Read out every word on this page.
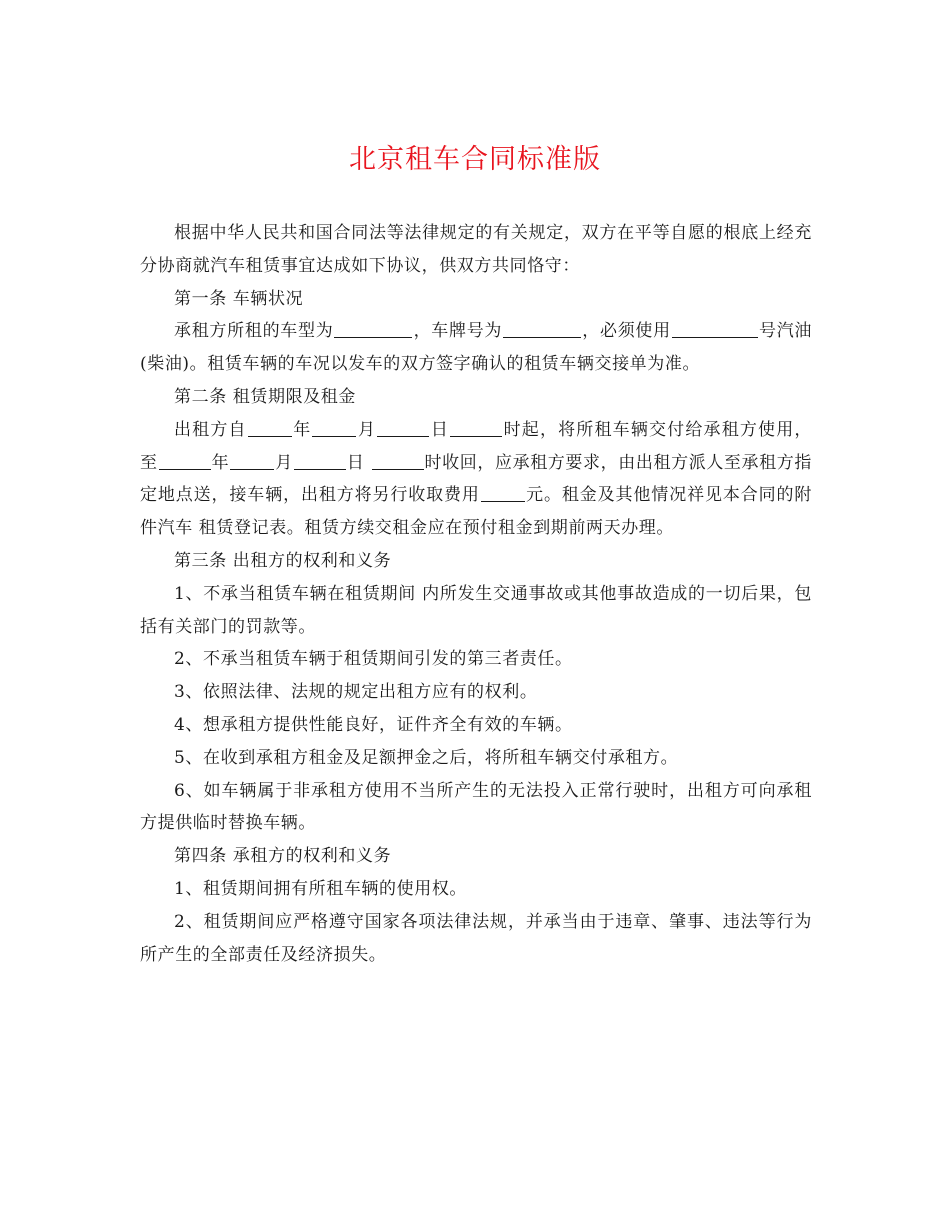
北京租车合同标准版

根据中华人民共和国合同法等法律规定的有关规定，双方在平等自愿的根底上经充分协商就汽车租赁事宜达成如下协议，供双方共同恪守：

第一条 车辆状况

承租方所租的车型为	，车牌号为	，必须使用	号汽油(柴油)。租赁车辆的车况以发车的双方签字确认的租赁车辆交接单为准。

第二条 租赁期限及租金

出租方自	年	月	日	时起，将所租车辆交付给承租方使用，至	年	月	日	时收回，应承租方要求，由出租方派人至承租方指定地点送，接车辆，出租方将另行收取费用	元。租金及其他情况祥见本合同的附件汽车 租赁登记表。租赁方续交租金应在预付租金到期前两天办理。

第三条 出租方的权利和义务

1、不承当租赁车辆在租赁期间 内所发生交通事故或其他事故造成的一切后果，包括有关部门的罚款等。

2、不承当租赁车辆于租赁期间引发的第三者责任。

3、依照法律、法规的规定出租方应有的权利。

4、想承租方提供性能良好，证件齐全有效的车辆。

5、在收到承租方租金及足额押金之后，将所租车辆交付承租方。

6、如车辆属于非承租方使用不当所产生的无法投入正常行驶时，出租方可向承租方提供临时替换车辆。

第四条 承租方的权利和义务

1、租赁期间拥有所租车辆的使用权。

2、租赁期间应严格遵守国家各项法律法规，并承当由于违章、肇事、违法等行为所产生的全部责任及经济损失。
